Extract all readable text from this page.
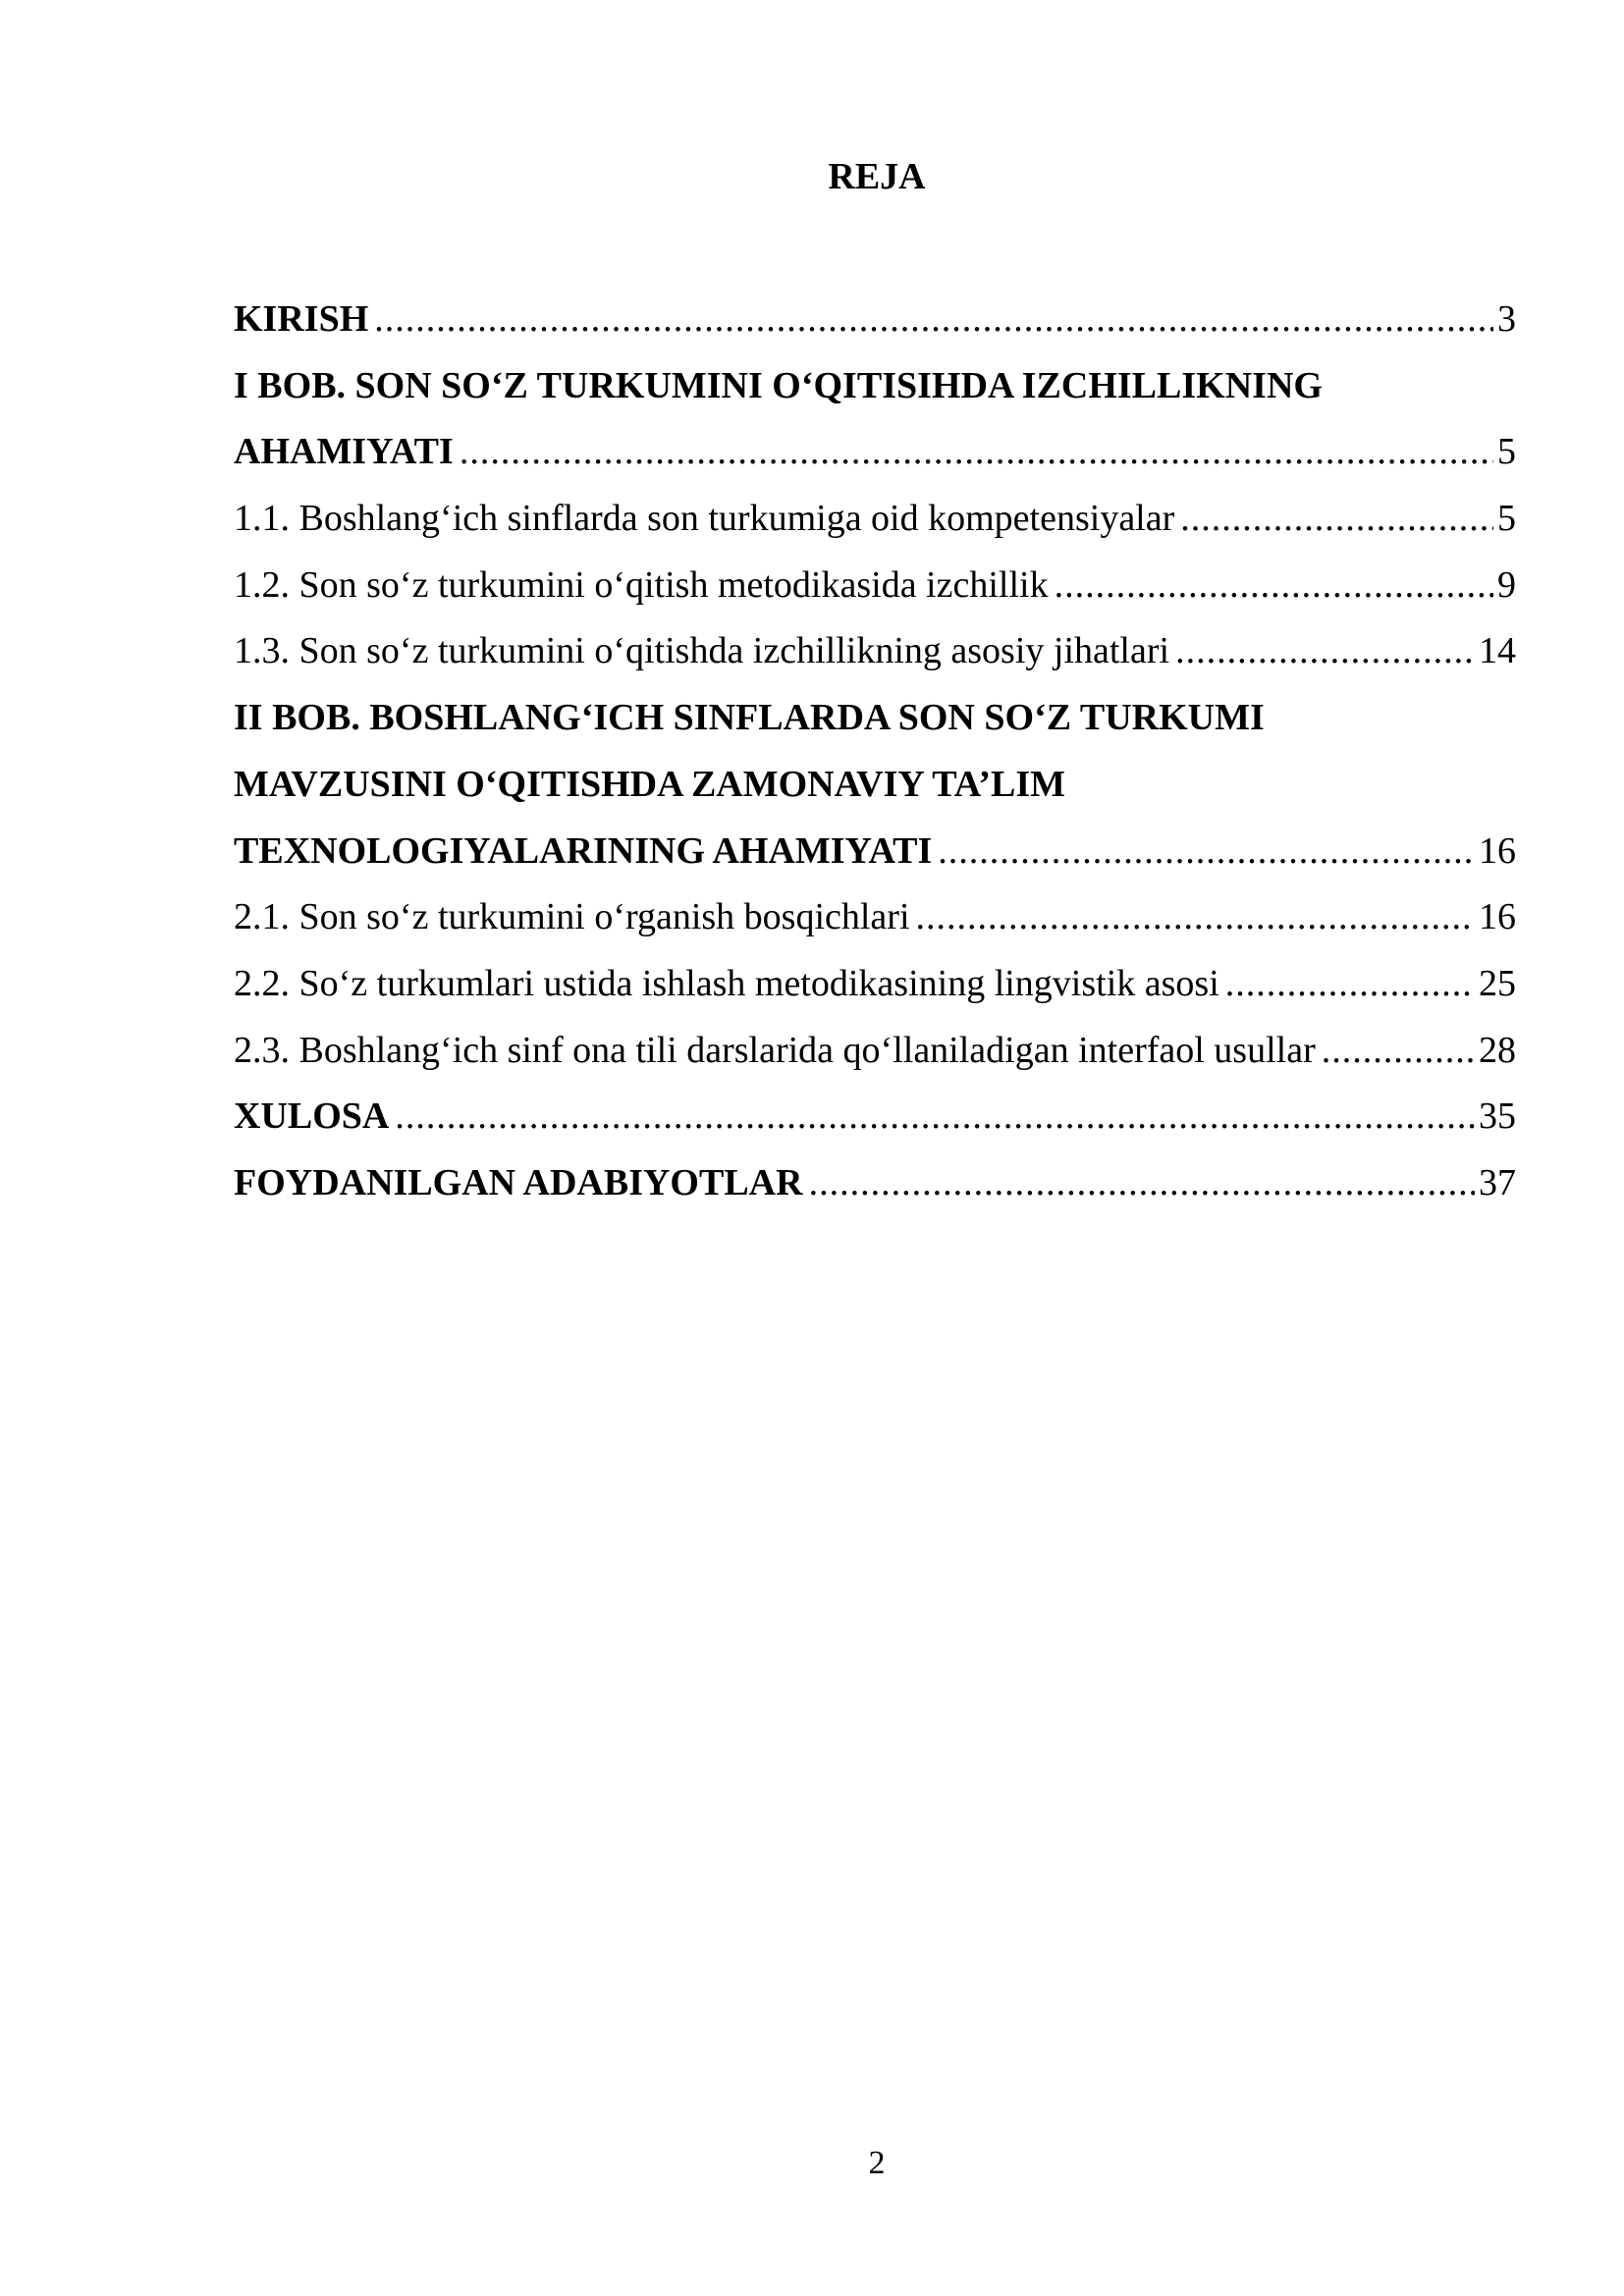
REJA
KIRISH .....	3
I BOB. SON SO‘Z TURKUMINI O‘QITISIHDA IZCHILLIKNING
AHAMIYATI .....	5
1.1. Boshlang‘ich sinflarda son turkumiga oid kompetensiyalar .....	5
1.2. Son so‘z turkumini o‘qitish metodikasida izchillik .....	9
1.3. Son so‘z turkumini o‘qitishda izchillikning asosiy jihatlari .....	14
II BOB. BOSHLANG‘ICH SINFLARDA SON SO‘Z TURKUMI
MAVZUSINI O‘QITISHDA ZAMONAVIY TA’LIM
TEXNOLOGIYALARINING AHAMIYATI .....	16
2.1. Son so‘z turkumini o‘rganish bosqichlari .....	16
2.2. So‘z turkumlari ustida ishlash metodikasining lingvistik asosi .....	25
2.3. Boshlang‘ich sinf ona tili darslarida qo‘llaniladigan interfaol usullar .....	28
XULOSA .....	35
FOYDANILGAN ADABIYOTLAR .....	37
2
